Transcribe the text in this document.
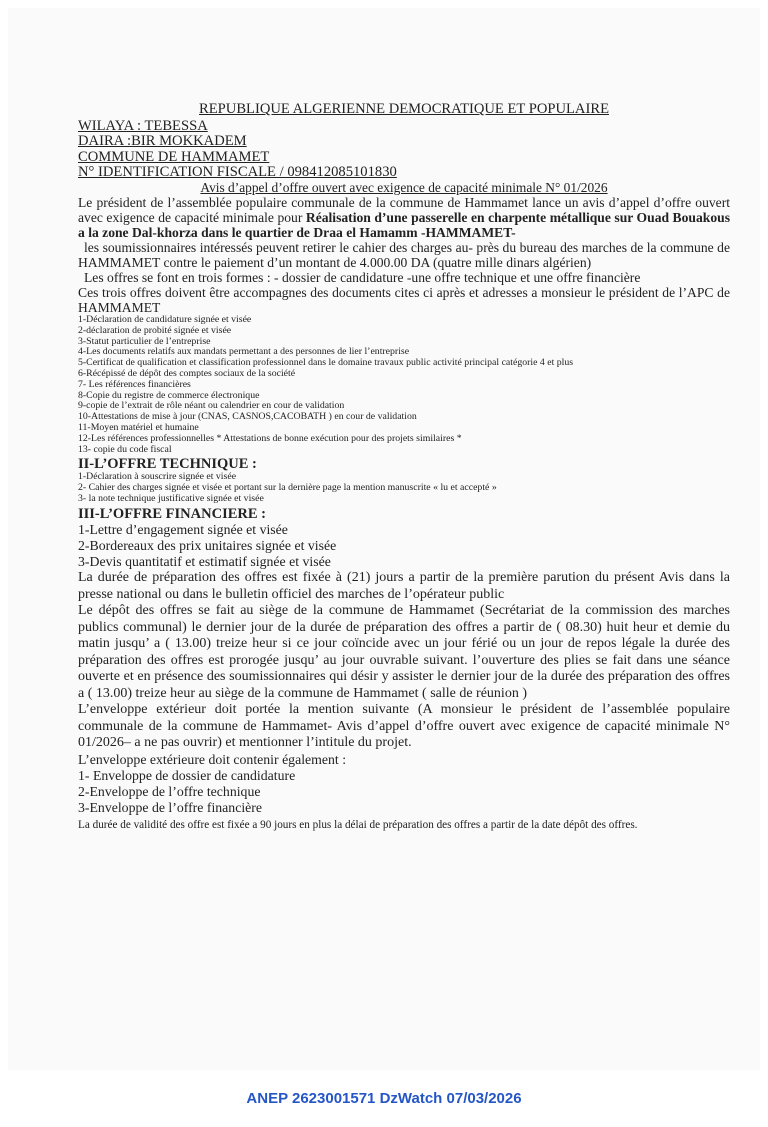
REPUBLIQUE ALGERIENNE DEMOCRATIQUE ET POPULAIRE
WILAYA : TEBESSA
DAIRA :BIR MOKKADEM
COMMUNE DE HAMMAMET
N° IDENTIFICATION FISCALE / 098412085101830
Avis d’appel d’offre ouvert avec exigence de capacité minimale N° 01/2026
Le président de l’assemblée populaire communale de la commune de Hammamet lance un avis d’appel d’offre ouvert avec exigence de capacité minimale pour Réalisation d’une passerelle en charpente métallique sur Ouad Bouakous a la zone Dal-khorza dans le quartier de Draa el Hamamm -HAMMAMET-
les soumissionnaires intéressés peuvent retirer le cahier des charges au- près du bureau des marches de la commune de HAMMAMET contre le paiement d’un montant de 4.000.00 DA (quatre mille dinars algérien)
Les offres se font en trois formes : - dossier de candidature -une offre technique et une offre financière
Ces trois offres doivent être accompagnes des documents cites ci après et adresses a monsieur le président de l’APC de HAMMAMET
1-Déclaration de candidature signée et visée
2-déclaration de probité signée et visée
3-Statut particulier de l’entreprise
4-Les documents relatifs aux mandats permettant a des personnes de lier l’entreprise
5-Certificat de qualification et classification professionnel dans le domaine travaux public activité principal catégorie 4 et plus
6-Récépissé de dépôt des comptes sociaux de la société
7- Les références financières
8-Copie du registre de commerce électronique
9-copie de l’extrait de rôle néant ou calendrier en cour de validation
10-Attestations de mise à jour (CNAS, CASNOS,CACOBATH ) en cour de validation
11-Moyen matériel et humaine
12-Les références professionnelles * Attestations de bonne exécution pour des projets similaires *
13- copie du code fiscal
II-L’OFFRE TECHNIQUE :
1-Déclaration à souscrire signée et visée
2- Cahier des charges signée et visée et portant sur la dernière page la mention manuscrite « lu et accepté »
3- la note technique justificative signée et visée
III-L’OFFRE FINANCIERE :
1-Lettre d’engagement signée et visée
2-Bordereaux des prix unitaires signée et visée
3-Devis quantitatif et estimatif signée et visée
La durée de préparation des offres est fixée à (21) jours a partir de la première parution du présent Avis dans la presse national ou dans le bulletin officiel des marches de l’opérateur public
Le dépôt des offres se fait au siège de la commune de Hammamet (Secrétariat de la commission des marches publics communal) le dernier jour de la durée de préparation des offres a partir de ( 08.30) huit heur et demie du matin jusqu’ a ( 13.00) treize heur si ce jour coïncide avec un jour férié ou un jour de repos légale la durée des préparation des offres est prorogée jusqu’ au jour ouvrable suivant. l’ouverture des plies se fait dans une séance ouverte et en présence des soumissionnaires qui désir y assister le dernier jour de la durée des préparation des offres a ( 13.00) treize heur au siège de la commune de Hammamet ( salle de réunion )
L’enveloppe extérieur doit portée la mention suivante (A monsieur le président de l’assemblée populaire communale de la commune de Hammamet- Avis d’appel d’offre ouvert avec exigence de capacité minimale N° 01/2026– a ne pas ouvrir) et mentionner l’intitule du projet.
L’enveloppe extérieure doit contenir également :
1- Enveloppe de dossier de candidature
2-Enveloppe de l’offre technique
3-Enveloppe de l’offre financière
La durée de validité des offre est fixée a 90 jours en plus la délai de préparation des offres a partir de la date dépôt des offres.
ANEP 2623001571 DzWatch 07/03/2026
